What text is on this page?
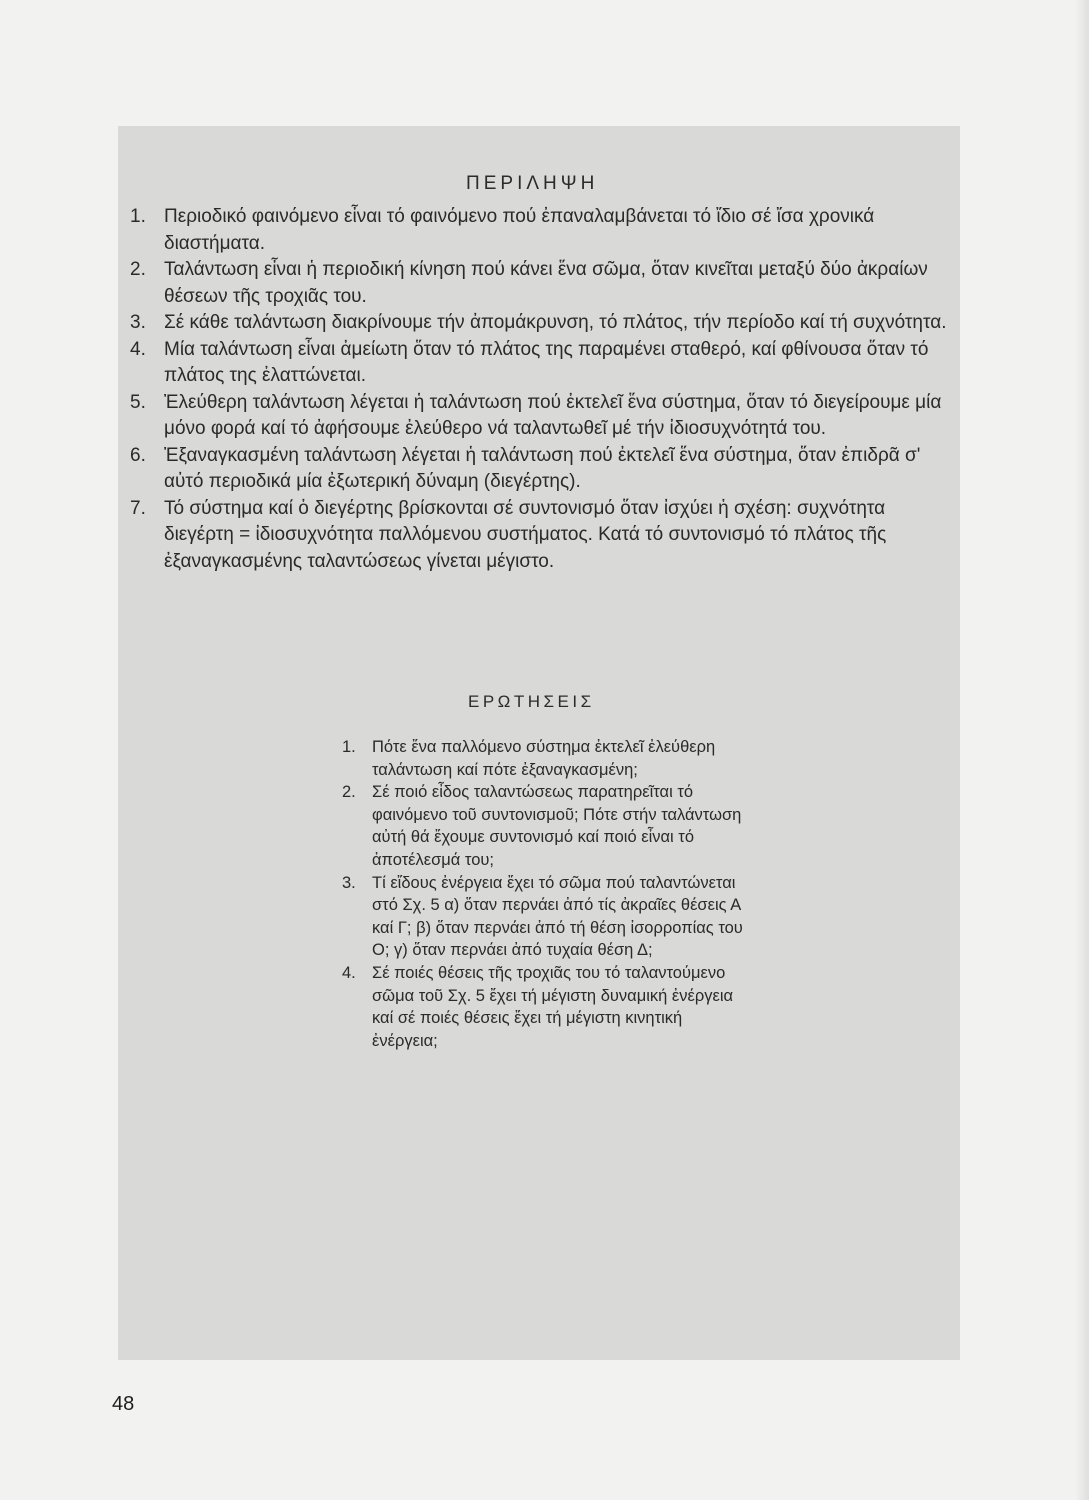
ΠΕΡΙΛΗΨΗ
1. Περιοδικό φαινόμενο εἶναι τό φαινόμενο πού ἐπαναλαμβάνεται τό ἴδιο σέ ἴσα χρονικά διαστήματα.
2. Ταλάντωση εἶναι ἡ περιοδική κίνηση πού κάνει ἕνα σῶμα, ὅταν κινεῖται μεταξύ δύο ἀκραίων θέσεων τῆς τροχιᾶς του.
3. Σέ κάθε ταλάντωση διακρίνουμε τήν ἀπομάκρυνση, τό πλάτος, τήν περίοδο καί τή συχνότητα.
4. Μία ταλάντωση εἶναι ἀμείωτη ὅταν τό πλάτος της παραμένει σταθερό, καί φθίνουσα ὅταν τό πλάτος της ἐλαττώνεται.
5. Ἐλεύθερη ταλάντωση λέγεται ἡ ταλάντωση πού ἐκτελεῖ ἕνα σύστημα, ὅταν τό διεγείρουμε μία μόνο φορά καί τό ἀφήσουμε ἐλεύθερο νά ταλαντωθεῖ μέ τήν ἰδιοσυχνότητά του.
6. Ἐξαναγκασμένη ταλάντωση λέγεται ἡ ταλάντωση πού ἐκτελεῖ ἕνα σύστημα, ὅταν ἐπιδρᾶ σ' αὐτό περιοδικά μία ἐξωτερική δύναμη (διεγέρτης).
7. Τό σύστημα καί ὁ διεγέρτης βρίσκονται σέ συντονισμό ὅταν ἰσχύει ἡ σχέση: συχνότητα διεγέρτη = ἰδιοσυχνότητα παλλόμενου συστήματος. Κατά τό συντονισμό τό πλάτος τῆς ἐξαναγκασμένης ταλαντώσεως γίνεται μέγιστο.
ΕΡΩΤΗΣΕΙΣ
1. Πότε ἕνα παλλόμενο σύστημα ἐκτελεῖ ἐλεύθερη ταλάντωση καί πότε ἐξαναγκασμένη;
2. Σέ ποιό εἶδος ταλαντώσεως παρατηρεῖται τό φαινόμενο τοῦ συντονισμοῦ; Πότε στήν ταλάντωση αὐτή θά ἔχουμε συντονισμό καί ποιό εἶναι τό ἀποτέλεσμά του;
3. Τί εἴδους ἐνέργεια ἔχει τό σῶμα πού ταλαντώνεται στό Σχ. 5 α) ὅταν περνάει ἀπό τίς ἀκραῖες θέσεις Α καί Γ; β) ὅταν περνάει ἀπό τή θέση ἰσορροπίας του Ο; γ) ὅταν περνάει ἀπό τυχαία θέση Δ;
4. Σέ ποιές θέσεις τῆς τροχιᾶς του τό ταλαντούμενο σῶμα τοῦ Σχ. 5 ἔχει τή μέγιστη δυναμική ἐνέργεια καί σέ ποιές θέσεις ἔχει τή μέγιστη κινητική ἐνέργεια;
48
